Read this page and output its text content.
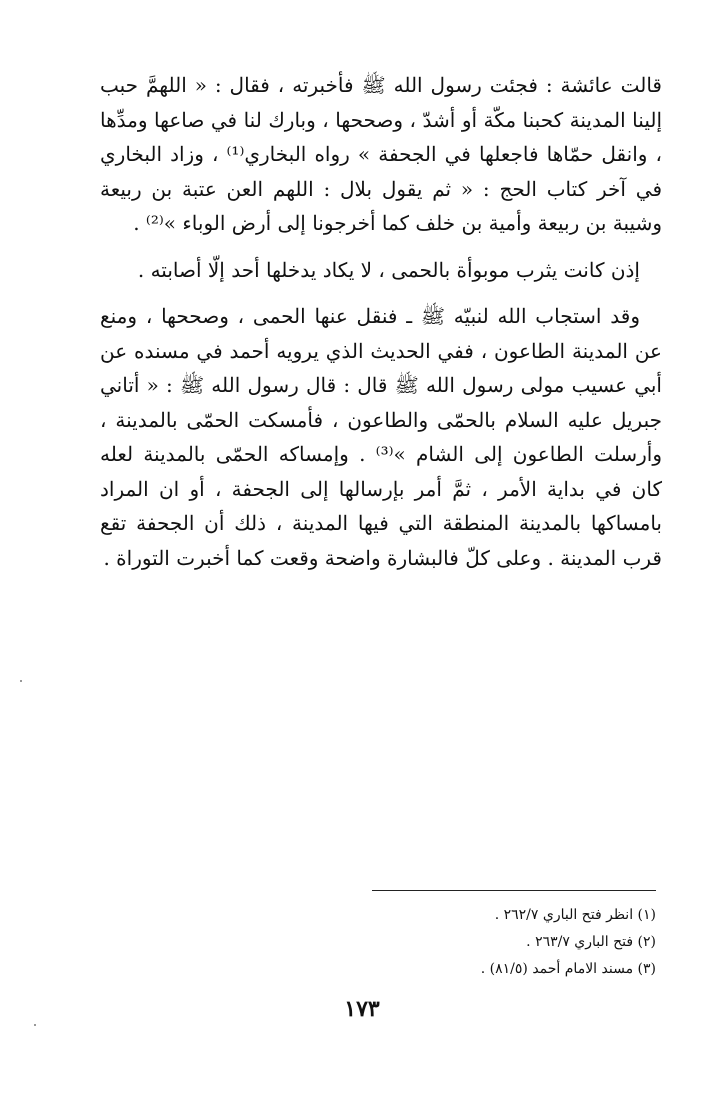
قالت عائشة : فجئت رسول الله ﷺ فأخبرته ، فقال : « اللهمَّ حبب إلينا المدينة كحبنا مكّة أو أشدّ ، وصححها ، وبارك لنا في صاعها ومدِّها ، وانقل حمّاها فاجعلها في الجحفة » رواه البخاري⁽¹⁾ ، وزاد البخاري في آخر كتاب الحج : « ثم يقول بلال : اللهم العن عتبة بن ربيعة وشيبة بن ربيعة وأمية بن خلف كما أخرجونا إلى أرض الوباء »⁽²⁾ .

إذن كانت يثرب موبوأة بالحمى ، لا يكاد يدخلها أحد إلّا أصابته .

وقد استجاب الله لنبيّه ﷺ ـ فنقل عنها الحمى ، وصححها ، ومنع عن المدينة الطاعون ، ففي الحديث الذي يرويه أحمد في مسنده عن أبي عسيب مولى رسول الله ﷺ قال : قال رسول الله ﷺ : « أتاني جبريل عليه السلام بالحمّى والطاعون ، فأمسكت الحمّى بالمدينة ، وأرسلت الطاعون إلى الشام »⁽³⁾ . وإمساكه الحمّى بالمدينة لعله كان في بداية الأمر ، ثمَّ أمر بإرسالها إلى الجحفة ، أو ان المراد بامساكها بالمدينة المنطقة التي فيها المدينة ، ذلك أن الجحفة تقع قرب المدينة . وعلى كلّ فالبشارة واضحة وقعت كما أخبرت التوراة .

(١) انظر فتح الباري ٢٦٢/٧ .

(٢) فتح الباري ٢٦٣/٧ .

(٣) مسند الامام أحمد (٨١/٥) .

١٧٣
